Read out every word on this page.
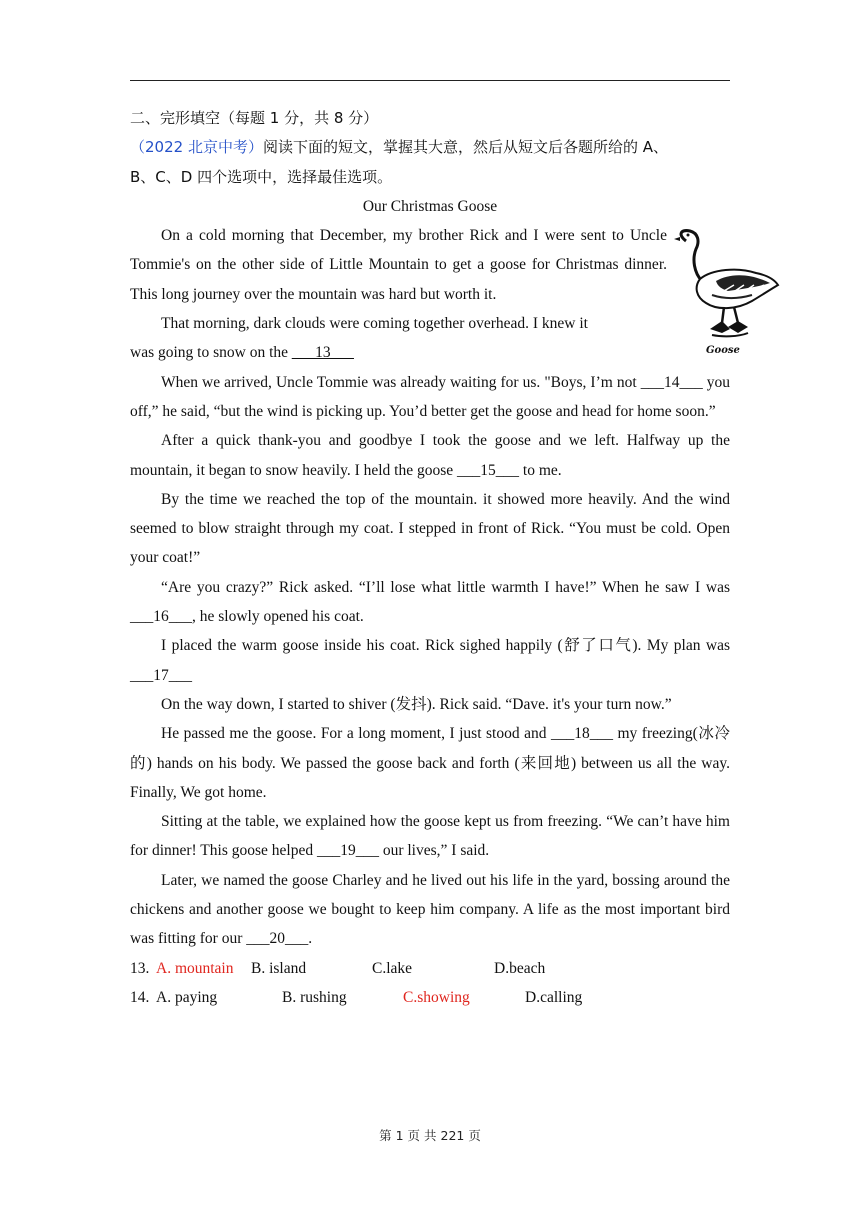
Goose
二、完形填空（每题 1 分，共 8 分）
（2022 北京中考）阅读下面的短文，掌握其大意，然后从短文后各题所给的 A、
B、C、D 四个选项中，选择最佳选项。
Our Christmas Goose

On a cold morning that December, my brother Rick and I were sent to Uncle Tommie's on the other side of Little Mountain to get a goose for Christmas dinner. This long journey over the mountain was hard but worth it.

That morning, dark clouds were coming together overhead. I knew it

was going to snow on the ___13___

When we arrived, Uncle Tommie was already waiting for us. "Boys, I’m not ___14___ you off,” he said, “but the wind is picking up. You’d better get the goose and head for home soon.”

After a quick thank-you and goodbye I took the goose and we left. Halfway up the mountain, it began to snow heavily. I held the goose ___15___ to me.

By the time we reached the top of the mountain. it showed more heavily. And the wind seemed to blow straight through my coat. I stepped in front of Rick. “You must be cold. Open your coat!”

“Are you crazy?” Rick asked. “I’ll lose what little warmth I have!” When he saw I was ___16___, he slowly opened his coat.

I placed the warm goose inside his coat. Rick sighed happily (舒了口气). My plan was ___17___

On the way down, I started to shiver (发抖). Rick said. “Dave. it's your turn now.”

He passed me the goose. For a long moment, I just stood and ___18___ my freezing(冰冷的) hands on his body. We passed the goose back and forth (来回地) between us all the way. Finally, We got home.

Sitting at the table, we explained how the goose kept us from freezing. “We can’t have him for dinner! This goose helped ___19___ our lives,” I said.

Later, we named the goose Charley and he lived out his life in the yard, bossing around the chickens and another goose we bought to keep him company. A life as the most important bird was fitting for our ___20___.

13. A. mountain B. island	C.lake	D.beach
14. A. paying	B. rushing	C.showing	D.calling
第 1 页 共 221 页
